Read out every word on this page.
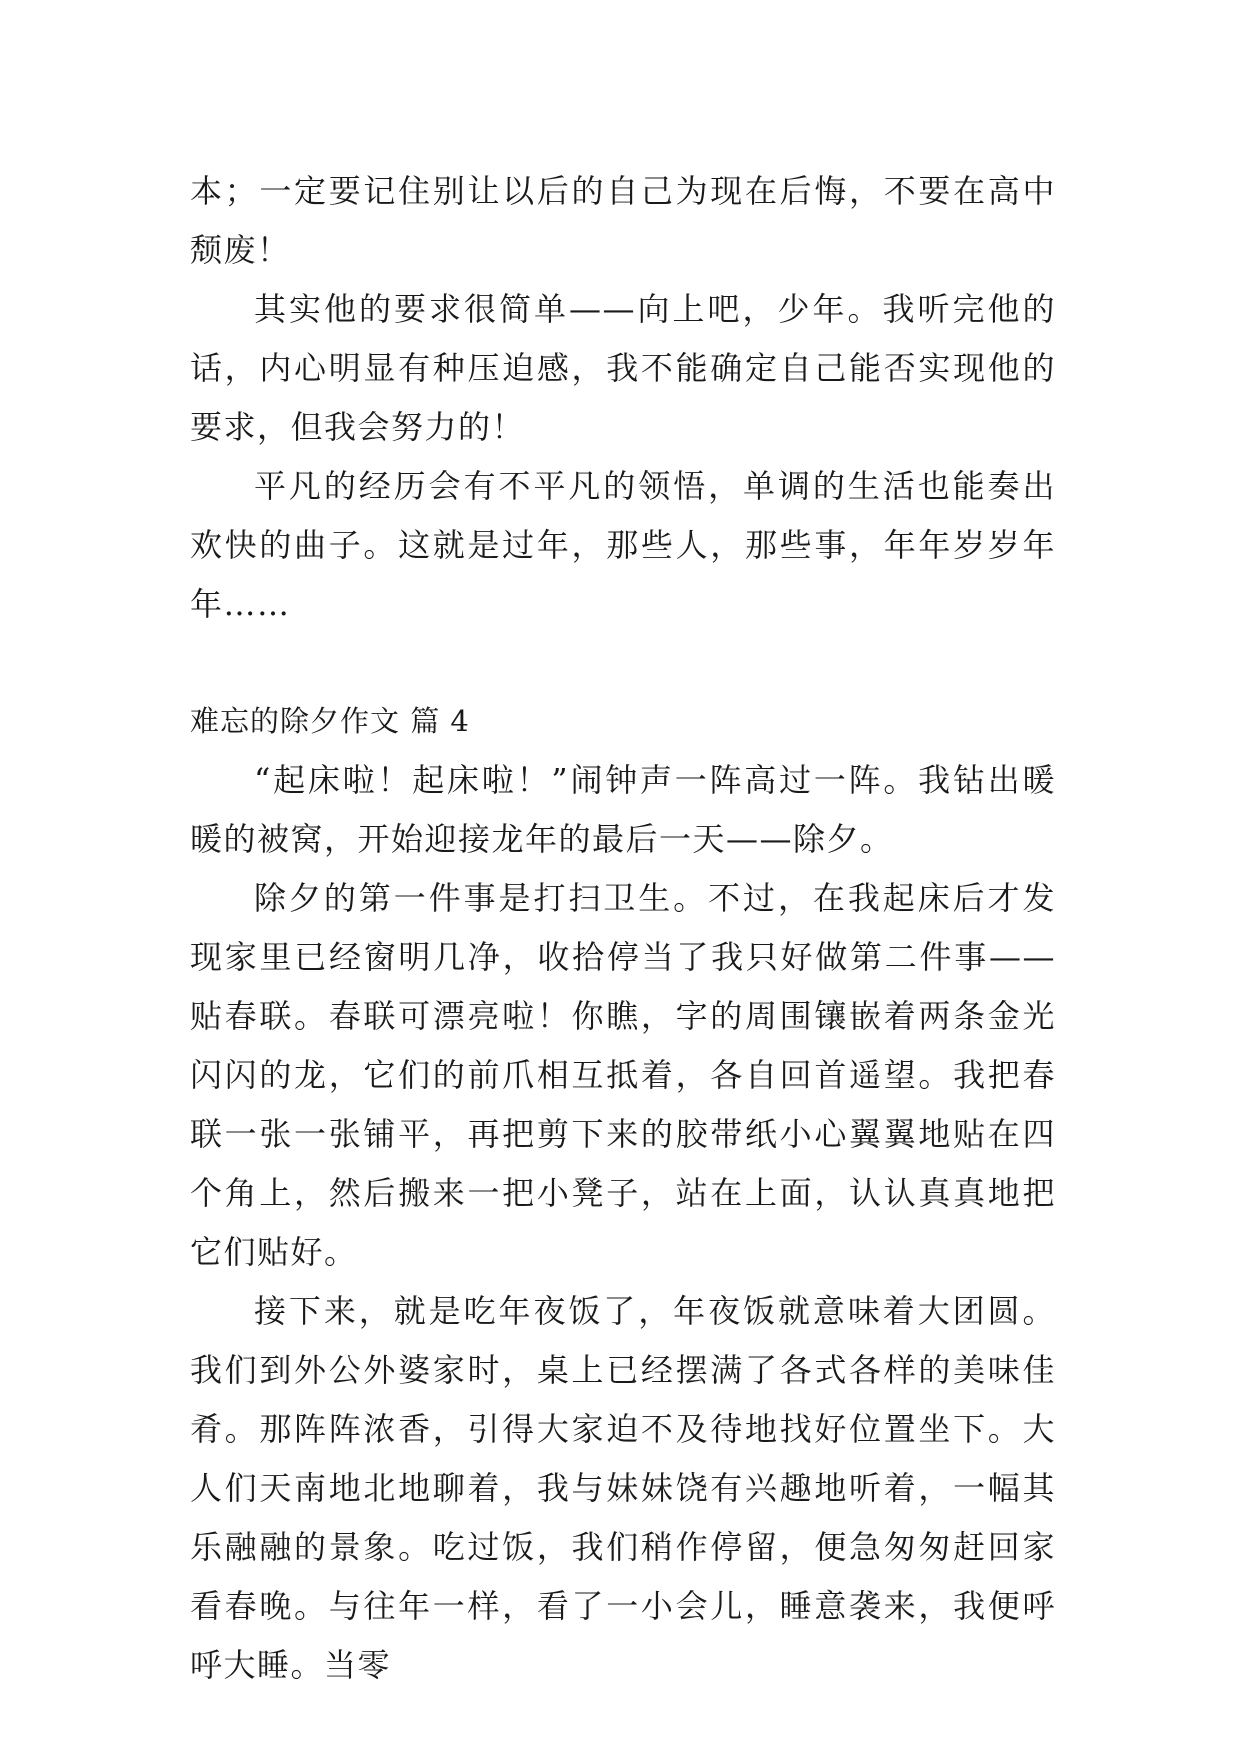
本；一定要记住别让以后的自己为现在后悔，不要在高中颓废！

其实他的要求很简单——向上吧，少年。我听完他的话，内心明显有种压迫感，我不能确定自己能否实现他的要求，但我会努力的！

平凡的经历会有不平凡的领悟，单调的生活也能奏出欢快的曲子。这就是过年，那些人，那些事，年年岁岁年年……

难忘的除夕作文 篇 4

“起床啦！起床啦！”闹钟声一阵高过一阵。我钻出暖暖的被窝，开始迎接龙年的最后一天——除夕。

除夕的第一件事是打扫卫生。不过，在我起床后才发现家里已经窗明几净，收拾停当了我只好做第二件事——贴春联。春联可漂亮啦！你瞧，字的周围镶嵌着两条金光闪闪的龙，它们的前爪相互抵着，各自回首遥望。我把春联一张一张铺平，再把剪下来的胶带纸小心翼翼地贴在四个角上，然后搬来一把小凳子，站在上面，认认真真地把它们贴好。

接下来，就是吃年夜饭了，年夜饭就意味着大团圆。我们到外公外婆家时，桌上已经摆满了各式各样的美味佳肴。那阵阵浓香，引得大家迫不及待地找好位置坐下。大人们天南地北地聊着，我与妹妹饶有兴趣地听着，一幅其乐融融的景象。吃过饭，我们稍作停留，便急匆匆赶回家看春晚。与往年一样，看了一小会儿，睡意袭来，我便呼呼大睡。当零
